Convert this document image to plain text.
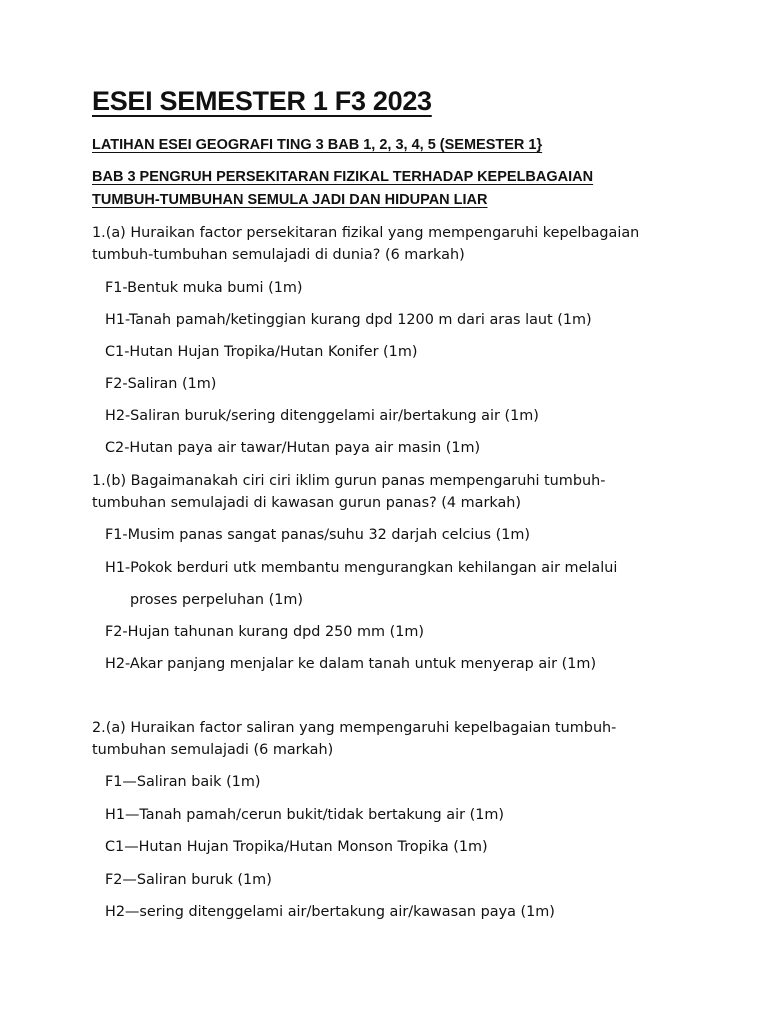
ESEI SEMESTER 1 F3 2023
LATIHAN ESEI GEOGRAFI TING 3 BAB 1, 2, 3, 4, 5 (SEMESTER 1}
BAB 3 PENGRUH PERSEKITARAN FIZIKAL TERHADAP KEPELBAGAIAN
TUMBUH-TUMBUHAN SEMULA JADI DAN HIDUPAN LIAR
1.(a) Huraikan factor persekitaran fizikal yang mempengaruhi kepelbagaian
tumbuh-tumbuhan semulajadi di dunia? (6 markah)
F1-Bentuk muka bumi (1m)
H1-Tanah pamah/ketinggian kurang dpd 1200 m dari aras laut (1m)
C1-Hutan Hujan Tropika/Hutan Konifer (1m)
F2-Saliran (1m)
H2-Saliran buruk/sering ditenggelami air/bertakung air (1m)
C2-Hutan paya air tawar/Hutan paya air masin (1m)
1.(b) Bagaimanakah ciri ciri iklim gurun panas mempengaruhi tumbuh-
tumbuhan semulajadi di kawasan gurun panas? (4 markah)
F1-Musim panas sangat panas/suhu 32 darjah celcius (1m)
H1-Pokok berduri utk membantu mengurangkan kehilangan air melalui
proses perpeluhan (1m)
F2-Hujan tahunan kurang dpd 250 mm (1m)
H2-Akar panjang menjalar ke dalam tanah untuk menyerap air (1m)
2.(a) Huraikan factor saliran yang mempengaruhi kepelbagaian tumbuh-
tumbuhan semulajadi (6 markah)
F1—Saliran baik (1m)
H1—Tanah pamah/cerun bukit/tidak bertakung air (1m)
C1—Hutan Hujan Tropika/Hutan Monson Tropika (1m)
F2—Saliran buruk (1m)
H2—sering ditenggelami air/bertakung air/kawasan paya (1m)
